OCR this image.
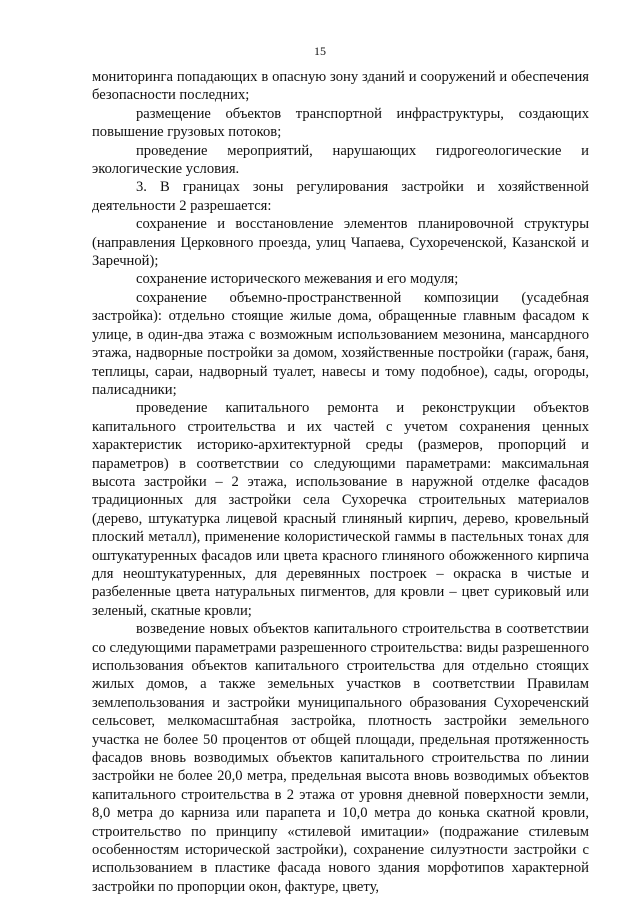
15

мониторинга попадающих в опасную зону зданий и сооружений и обеспечения безопасности последних;

размещение объектов транспортной инфраструктуры, создающих повышение грузовых потоков;

проведение мероприятий, нарушающих гидрогеологические и экологические условия.

3. В границах зоны регулирования застройки и хозяйственной деятельности 2 разрешается:

сохранение и восстановление элементов планировочной структуры (направления Церковного проезда, улиц Чапаева, Сухореченской, Казанской и Заречной);

сохранение исторического межевания и его модуля;

сохранение объемно-пространственной композиции (усадебная застройка): отдельно стоящие жилые дома, обращенные главным фасадом к улице, в один-два этажа с возможным использованием мезонина, мансардного этажа, надворные постройки за домом, хозяйственные постройки (гараж, баня, теплицы, сараи, надворный туалет, навесы и тому подобное), сады, огороды, палисадники;

проведение капитального ремонта и реконструкции объектов капитального строительства и их частей с учетом сохранения ценных характеристик историко-архитектурной среды (размеров, пропорций и параметров) в соответствии со следующими параметрами: максимальная высота застройки – 2 этажа, использование в наружной отделке фасадов традиционных для застройки села Сухоречка строительных материалов (дерево, штукатурка лицевой красный глиняный кирпич, дерево, кровельный плоский металл), применение колористической гаммы в пастельных тонах для оштукатуренных фасадов или цвета красного глиняного обожженного кирпича для неоштукатуренных, для деревянных построек – окраска в чистые и разбеленные цвета натуральных пигментов, для кровли – цвет суриковый или зеленый, скатные кровли;

возведение новых объектов капитального строительства в соответствии со следующими параметрами разрешенного строительства: виды разрешенного использования объектов капитального строительства для отдельно стоящих жилых домов, а также земельных участков в соответствии Правилам землепользования и застройки муниципального образования Сухореченский сельсовет, мелкомасштабная застройка, плотность застройки земельного участка не более 50 процентов от общей площади, предельная протяженность фасадов вновь возводимых объектов капитального строительства по линии застройки не более 20,0 метра, предельная высота вновь возводимых объектов капитального строительства в 2 этажа от уровня дневной поверхности земли, 8,0 метра до карниза или парапета и 10,0 метра до конька скатной кровли, строительство по принципу «стилевой имитации» (подражание стилевым особенностям исторической застройки), сохранение силуэтности застройки с использованием в пластике фасада нового здания морфотипов характерной застройки по пропорции окон, фактуре, цвету,
